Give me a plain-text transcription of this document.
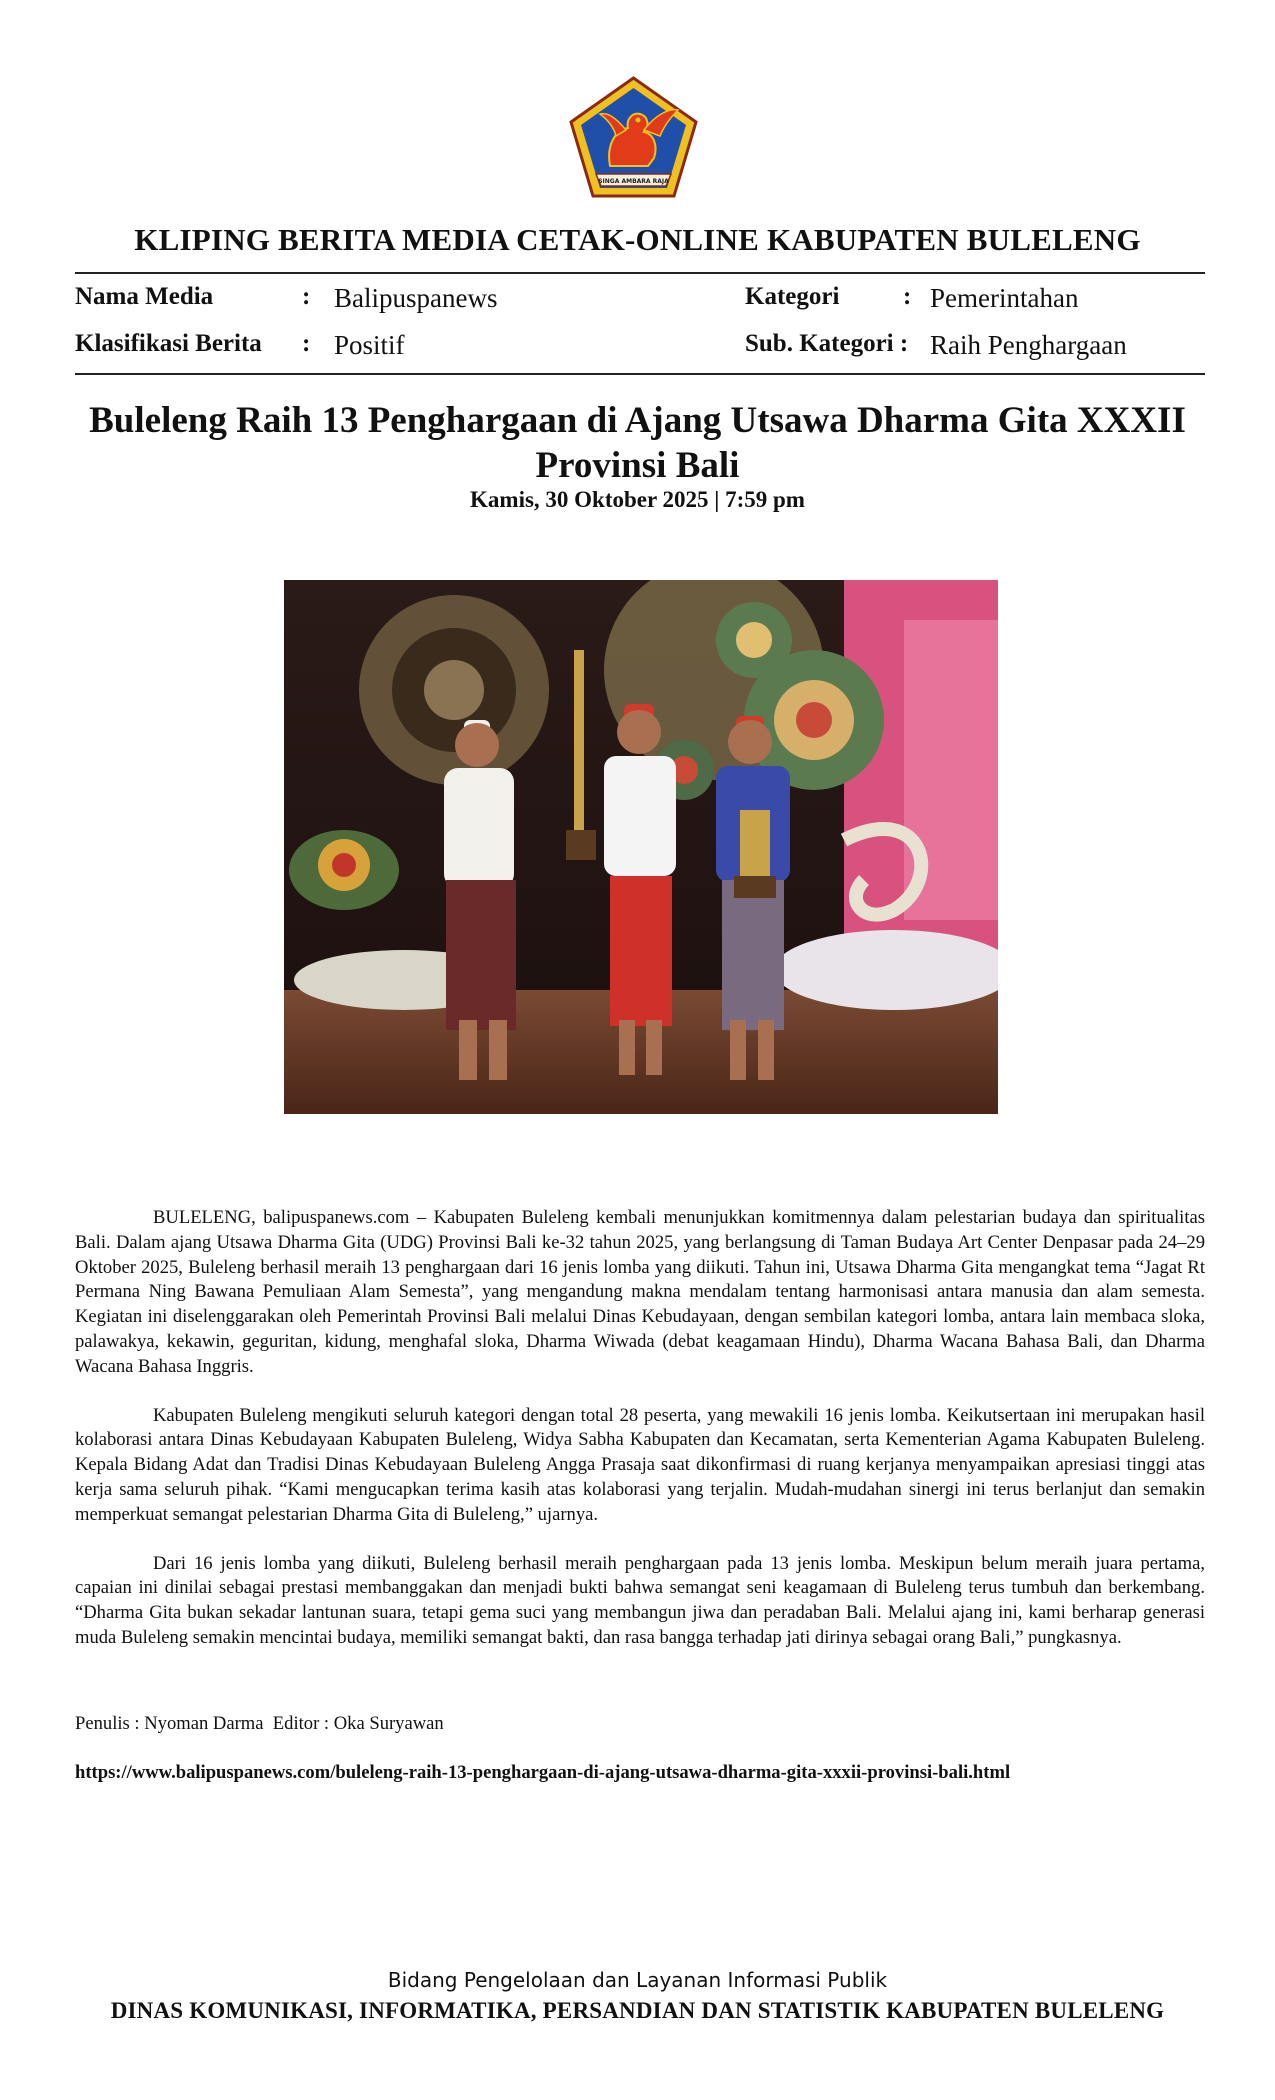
SINGA AMBARA RAJA
KLIPING BERITA MEDIA CETAK-ONLINE KABUPATEN BULELENG
Nama Media	: Balipuspanews
Klasifikasi Berita : Positif
Kategori	: Pemerintahan
Sub. Kategori : Raih Penghargaan
Buleleng Raih 13 Penghargaan di Ajang Utsawa Dharma Gita XXXII Provinsi Bali
Kamis, 30 Oktober 2025 | 7:59 pm

BULELENG, balipuspanews.com – Kabupaten Buleleng kembali menunjukkan komitmennya dalam pelestarian budaya dan spiritualitas Bali. Dalam ajang Utsawa Dharma Gita (UDG) Provinsi Bali ke-32 tahun 2025, yang berlangsung di Taman Budaya Art Center Denpasar pada 24–29 Oktober 2025, Buleleng berhasil meraih 13 penghargaan dari 16 jenis lomba yang diikuti. Tahun ini, Utsawa Dharma Gita mengangkat tema “Jagat Rt Permana Ning Bawana Pemuliaan Alam Semesta”, yang mengandung makna mendalam tentang harmonisasi antara manusia dan alam semesta. Kegiatan ini diselenggarakan oleh Pemerintah Provinsi Bali melalui Dinas Kebudayaan, dengan sembilan kategori lomba, antara lain membaca sloka, palawakya, kekawin, geguritan, kidung, menghafal sloka, Dharma Wiwada (debat keagamaan Hindu), Dharma Wacana Bahasa Bali, dan Dharma Wacana Bahasa Inggris.

Kabupaten Buleleng mengikuti seluruh kategori dengan total 28 peserta, yang mewakili 16 jenis lomba. Keikutsertaan ini merupakan hasil kolaborasi antara Dinas Kebudayaan Kabupaten Buleleng, Widya Sabha Kabupaten dan Kecamatan, serta Kementerian Agama Kabupaten Buleleng. Kepala Bidang Adat dan Tradisi Dinas Kebudayaan Buleleng Angga Prasaja saat dikonfirmasi di ruang kerjanya menyampaikan apresiasi tinggi atas kerja sama seluruh pihak. “Kami mengucapkan terima kasih atas kolaborasi yang terjalin. Mudah-mudahan sinergi ini terus berlanjut dan semakin memperkuat semangat pelestarian Dharma Gita di Buleleng,” ujarnya.

Dari 16 jenis lomba yang diikuti, Buleleng berhasil meraih penghargaan pada 13 jenis lomba. Meskipun belum meraih juara pertama, capaian ini dinilai sebagai prestasi membanggakan dan menjadi bukti bahwa semangat seni keagamaan di Buleleng terus tumbuh dan berkembang. “Dharma Gita bukan sekadar lantunan suara, tetapi gema suci yang membangun jiwa dan peradaban Bali. Melalui ajang ini, kami berharap generasi muda Buleleng semakin mencintai budaya, memiliki semangat bakti, dan rasa bangga terhadap jati dirinya sebagai orang Bali,” pungkasnya.

Penulis : Nyoman Darma  Editor : Oka Suryawan
https://www.balipuspanews.com/buleleng-raih-13-penghargaan-di-ajang-utsawa-dharma-gita-xxxii-provinsi-bali.html
Bidang Pengelolaan dan Layanan Informasi Publik
DINAS KOMUNIKASI, INFORMATIKA, PERSANDIAN DAN STATISTIK KABUPATEN BULELENG
